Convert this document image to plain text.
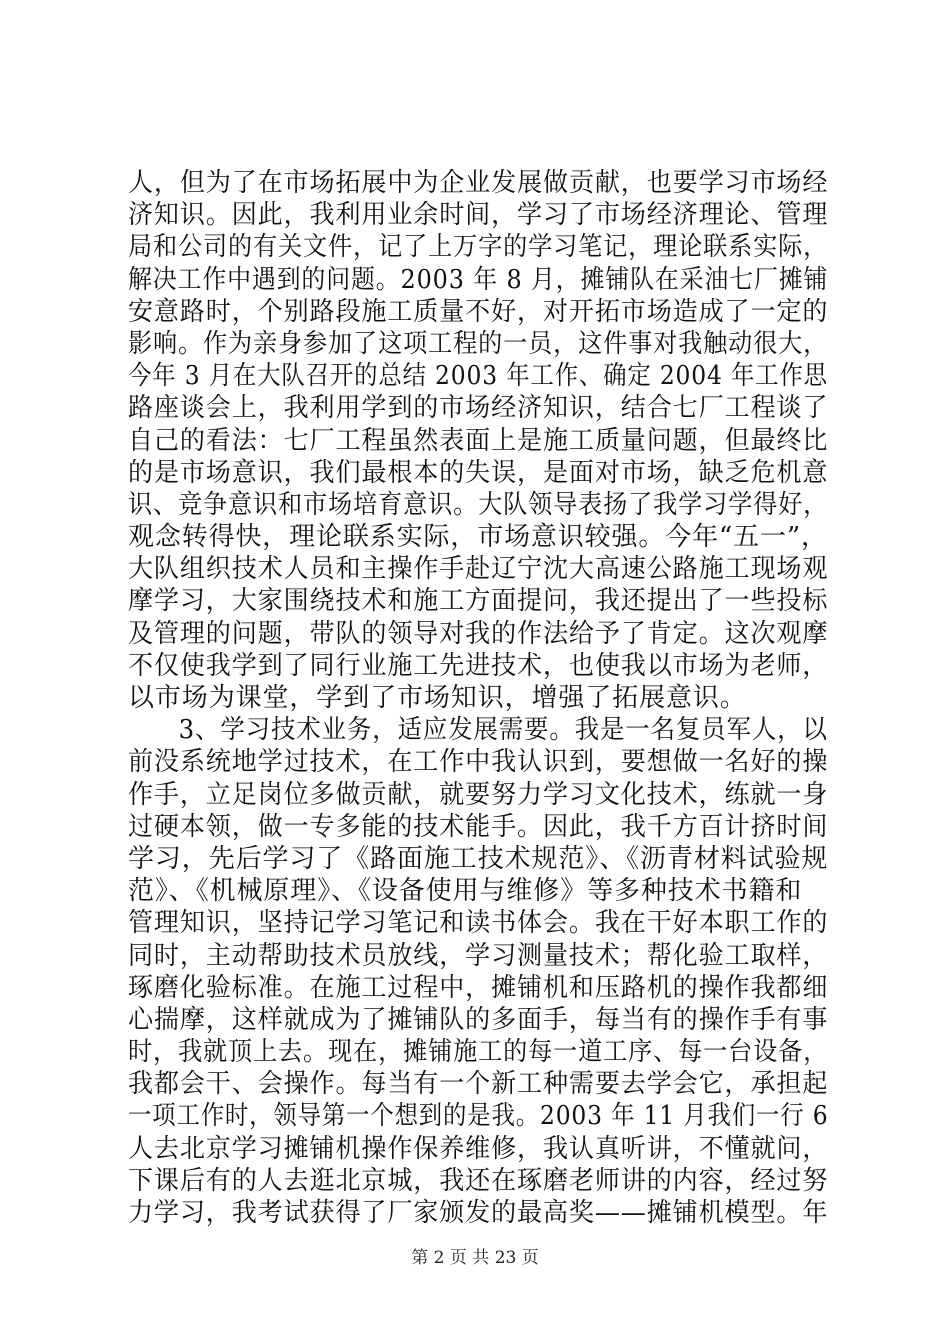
人，但为了在市场拓展中为企业发展做贡献，也要学习市场经
济知识。因此，我利用业余时间，学习了市场经济理论、管理
局和公司的有关文件，记了上万字的学习笔记，理论联系实际，
解决工作中遇到的问题。2003 年 8 月，摊铺队在采油七厂摊铺
安意路时，个别路段施工质量不好，对开拓市场造成了一定的
影响。作为亲身参加了这项工程的一员，这件事对我触动很大，
今年 3 月在大队召开的总结 2003 年工作、确定 2004 年工作思
路座谈会上，我利用学到的市场经济知识，结合七厂工程谈了
自己的看法：七厂工程虽然表面上是施工质量问题，但最终比
的是市场意识，我们最根本的失误，是面对市场，缺乏危机意
识、竞争意识和市场培育意识。大队领导表扬了我学习学得好，
观念转得快，理论联系实际，市场意识较强。今年“五一”，
大队组织技术人员和主操作手赴辽宁沈大高速公路施工现场观
摩学习，大家围绕技术和施工方面提问，我还提出了一些投标
及管理的问题，带队的领导对我的作法给予了肯定。这次观摩
不仅使我学到了同行业施工先进技术，也使我以市场为老师，
以市场为课堂，学到了市场知识，增强了拓展意识。
　　3、学习技术业务，适应发展需要。我是一名复员军人，以
前没系统地学过技术，在工作中我认识到，要想做一名好的操
作手，立足岗位多做贡献，就要努力学习文化技术，练就一身
过硬本领，做一专多能的技术能手。因此，我千方百计挤时间
学习，先后学习了《路面施工技术规范》、《沥青材料试验规
范》、《机械原理》、《设备使用与维修》等多种技术书籍和
管理知识，坚持记学习笔记和读书体会。我在干好本职工作的
同时，主动帮助技术员放线，学习测量技术；帮化验工取样，
琢磨化验标准。在施工过程中，摊铺机和压路机的操作我都细
心揣摩，这样就成为了摊铺队的多面手，每当有的操作手有事
时，我就顶上去。现在，摊铺施工的每一道工序、每一台设备，
我都会干、会操作。每当有一个新工种需要去学会它，承担起
一项工作时，领导第一个想到的是我。2003 年 11 月我们一行 6
人去北京学习摊铺机操作保养维修，我认真听讲，不懂就问，
下课后有的人去逛北京城，我还在琢磨老师讲的内容，经过努
力学习，我考试获得了厂家颁发的最高奖——摊铺机模型。年
第 2 页 共 23 页
